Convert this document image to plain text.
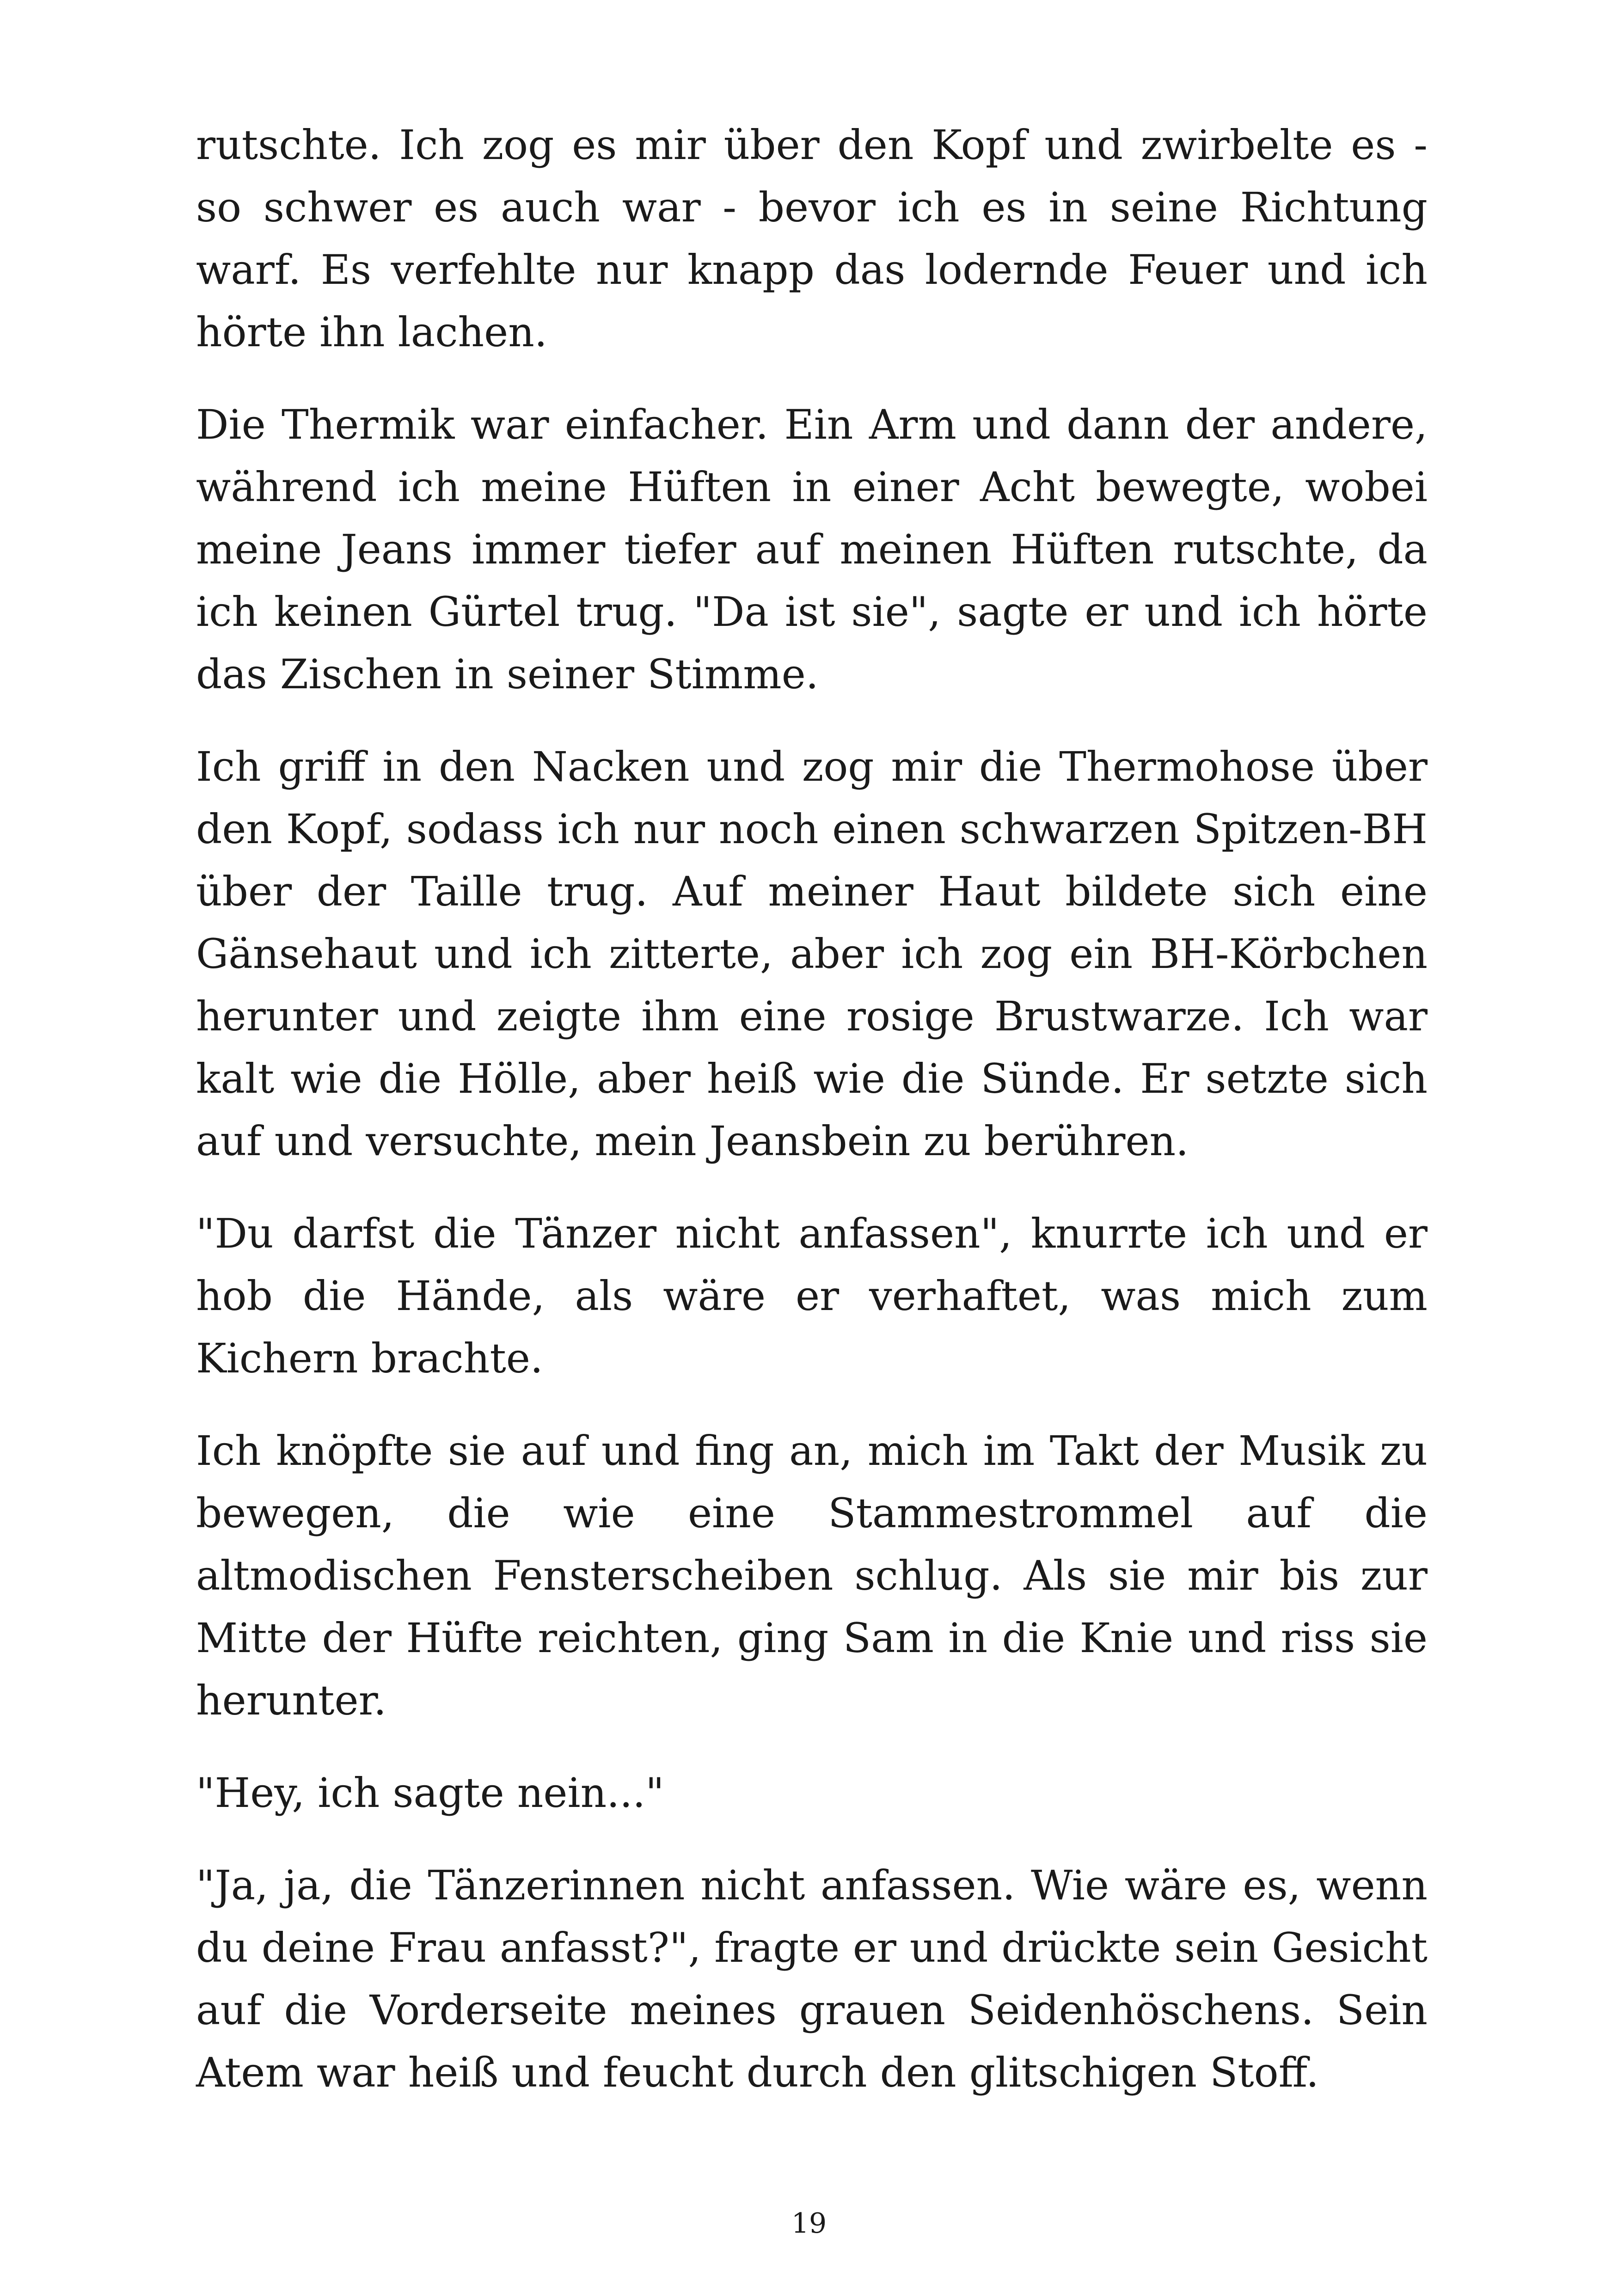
rutschte. Ich zog es mir über den Kopf und zwirbelte es - so schwer es auch war - bevor ich es in seine Richtung warf. Es verfehlte nur knapp das lodernde Feuer und ich hörte ihn lachen.

Die Thermik war einfacher. Ein Arm und dann der andere, während ich meine Hüften in einer Acht bewegte, wobei meine Jeans immer tiefer auf meinen Hüften rutschte, da ich keinen Gürtel trug. "Da ist sie", sagte er und ich hörte das Zischen in seiner Stimme.

Ich griff in den Nacken und zog mir die Thermohose über den Kopf, sodass ich nur noch einen schwarzen Spitzen-BH über der Taille trug. Auf meiner Haut bildete sich eine Gänsehaut und ich zitterte, aber ich zog ein BH-Körbchen herunter und zeigte ihm eine rosige Brustwarze. Ich war kalt wie die Hölle, aber heiß wie die Sünde. Er setzte sich auf und versuchte, mein Jeansbein zu berühren.

"Du darfst die Tänzer nicht anfassen", knurrte ich und er hob die Hände, als wäre er verhaftet, was mich zum Kichern brachte.

Ich knöpfte sie auf und fing an, mich im Takt der Musik zu bewegen, die wie eine Stammestrommel auf die altmodischen Fensterscheiben schlug. Als sie mir bis zur Mitte der Hüfte reichten, ging Sam in die Knie und riss sie herunter.

"Hey, ich sagte nein..."

"Ja, ja, die Tänzerinnen nicht anfassen. Wie wäre es, wenn du deine Frau anfasst?", fragte er und drückte sein Gesicht auf die Vorderseite meines grauen Seidenhöschens. Sein Atem war heiß und feucht durch den glitschigen Stoff.

19
